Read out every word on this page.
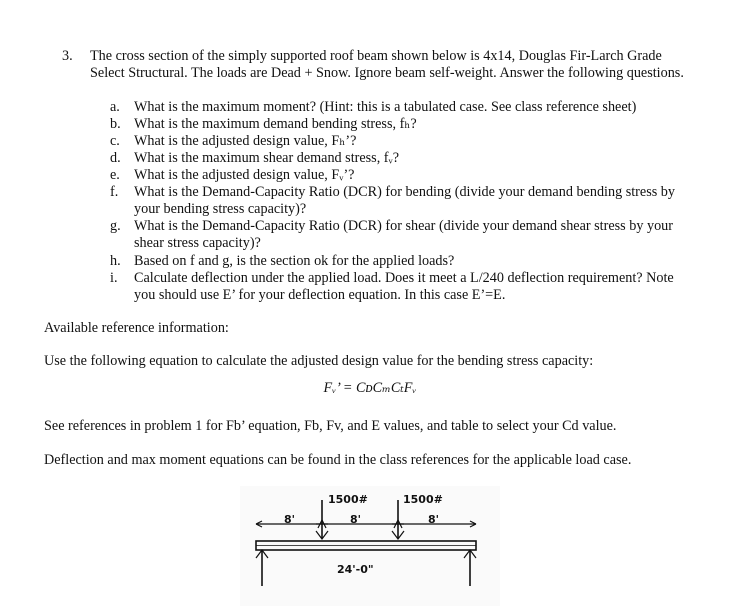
3. The cross section of the simply supported roof beam shown below is 4x14, Douglas Fir-Larch Grade Select Structural. The loads are Dead + Snow. Ignore beam self-weight. Answer the following questions.
a. What is the maximum moment? (Hint: this is a tabulated case. See class reference sheet)
b. What is the maximum demand bending stress, fₕ?
c. What is the adjusted design value, Fₕ’?
d. What is the maximum shear demand stress, fᵥ?
e. What is the adjusted design value, Fᵥ’?
f. What is the Demand-Capacity Ratio (DCR) for bending (divide your demand bending stress by your bending stress capacity)?
g. What is the Demand-Capacity Ratio (DCR) for shear (divide your demand shear stress by your shear stress capacity)?
h. Based on f and g, is the section ok for the applied loads?
i. Calculate deflection under the applied load. Does it meet a L/240 deflection requirement? Note you should use E’ for your deflection equation. In this case E’=E.
Available reference information:
Use the following equation to calculate the adjusted design value for the bending stress capacity:
Fᵥ’ = CᴅCₘCₜFᵥ
See references in problem 1 for Fb’ equation, Fb, Fv, and E values, and table to select your Cd value.
Deflection and max moment equations can be found in the class references for the applicable load case.
1500#	1500#
8'	8'	8'
24'-0"
